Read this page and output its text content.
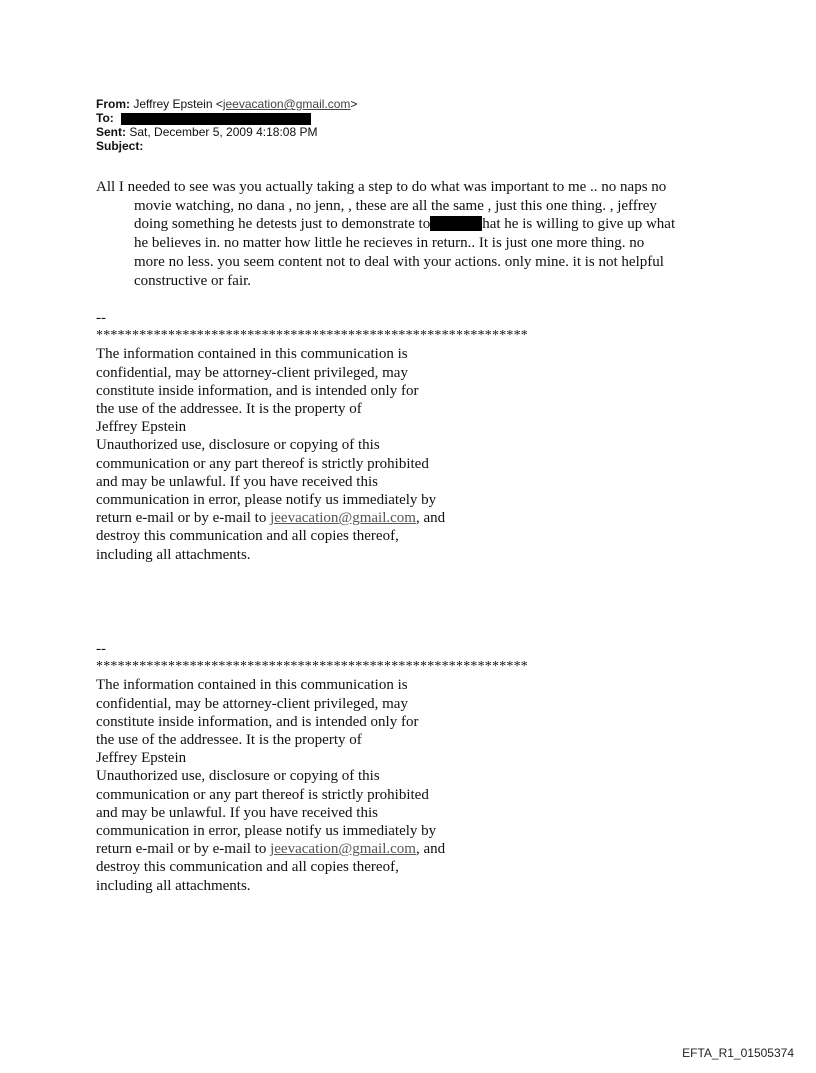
From: Jeffrey Epstein <jeevacation@gmail.com>
To:
Sent: Sat, December 5, 2009 4:18:08 PM
Subject:
All I needed to see was you actually taking a step to do what was important to me .. no naps no
movie watching, no dana , no jenn, , these are all the same , just this one thing. , jeffrey
doing something he detests just to demonstrate to	hat he is willing to give up what
he believes in. no matter how little he recieves in return.. It is just one more thing. no
more no less. you seem content not to deal with your actions. only mine. it is not helpful
constructive or fair.
--
************************************************************
The information contained in this communication is
confidential, may be attorney-client privileged, may
constitute inside information, and is intended only for
the use of the addressee. It is the property of
Jeffrey Epstein
Unauthorized use, disclosure or copying of this
communication or any part thereof is strictly prohibited
and may be unlawful. If you have received this
communication in error, please notify us immediately by
return e-mail or by e-mail to jeevacation@gmail.com, and
destroy this communication and all copies thereof,
including all attachments.
--
************************************************************
The information contained in this communication is
confidential, may be attorney-client privileged, may
constitute inside information, and is intended only for
the use of the addressee. It is the property of
Jeffrey Epstein
Unauthorized use, disclosure or copying of this
communication or any part thereof is strictly prohibited
and may be unlawful. If you have received this
communication in error, please notify us immediately by
return e-mail or by e-mail to jeevacation@gmail.com, and
destroy this communication and all copies thereof,
including all attachments.
EFTA_R1_01505374
